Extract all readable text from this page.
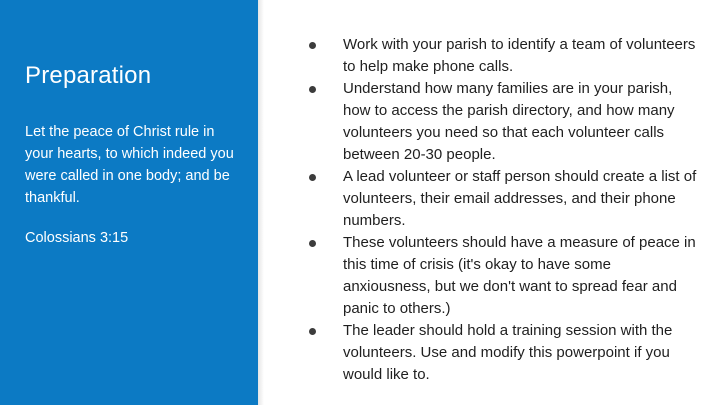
Preparation

Let the peace of Christ rule in your hearts, to which indeed you were called in one body; and be thankful.

Colossians 3:15

Work with your parish to identify a team of volunteers to help make phone calls.
Understand how many families are in your parish, how to access the parish directory, and how many volunteers you need so that each volunteer calls between 20-30 people.
A lead volunteer or staff person should create a list of volunteers, their email addresses, and their phone numbers.
These volunteers should have a measure of peace in this time of crisis (it's okay to have some anxiousness, but we don't want to spread fear and panic to others.)
The leader should hold a training session with the volunteers. Use and modify this powerpoint if you would like to.
